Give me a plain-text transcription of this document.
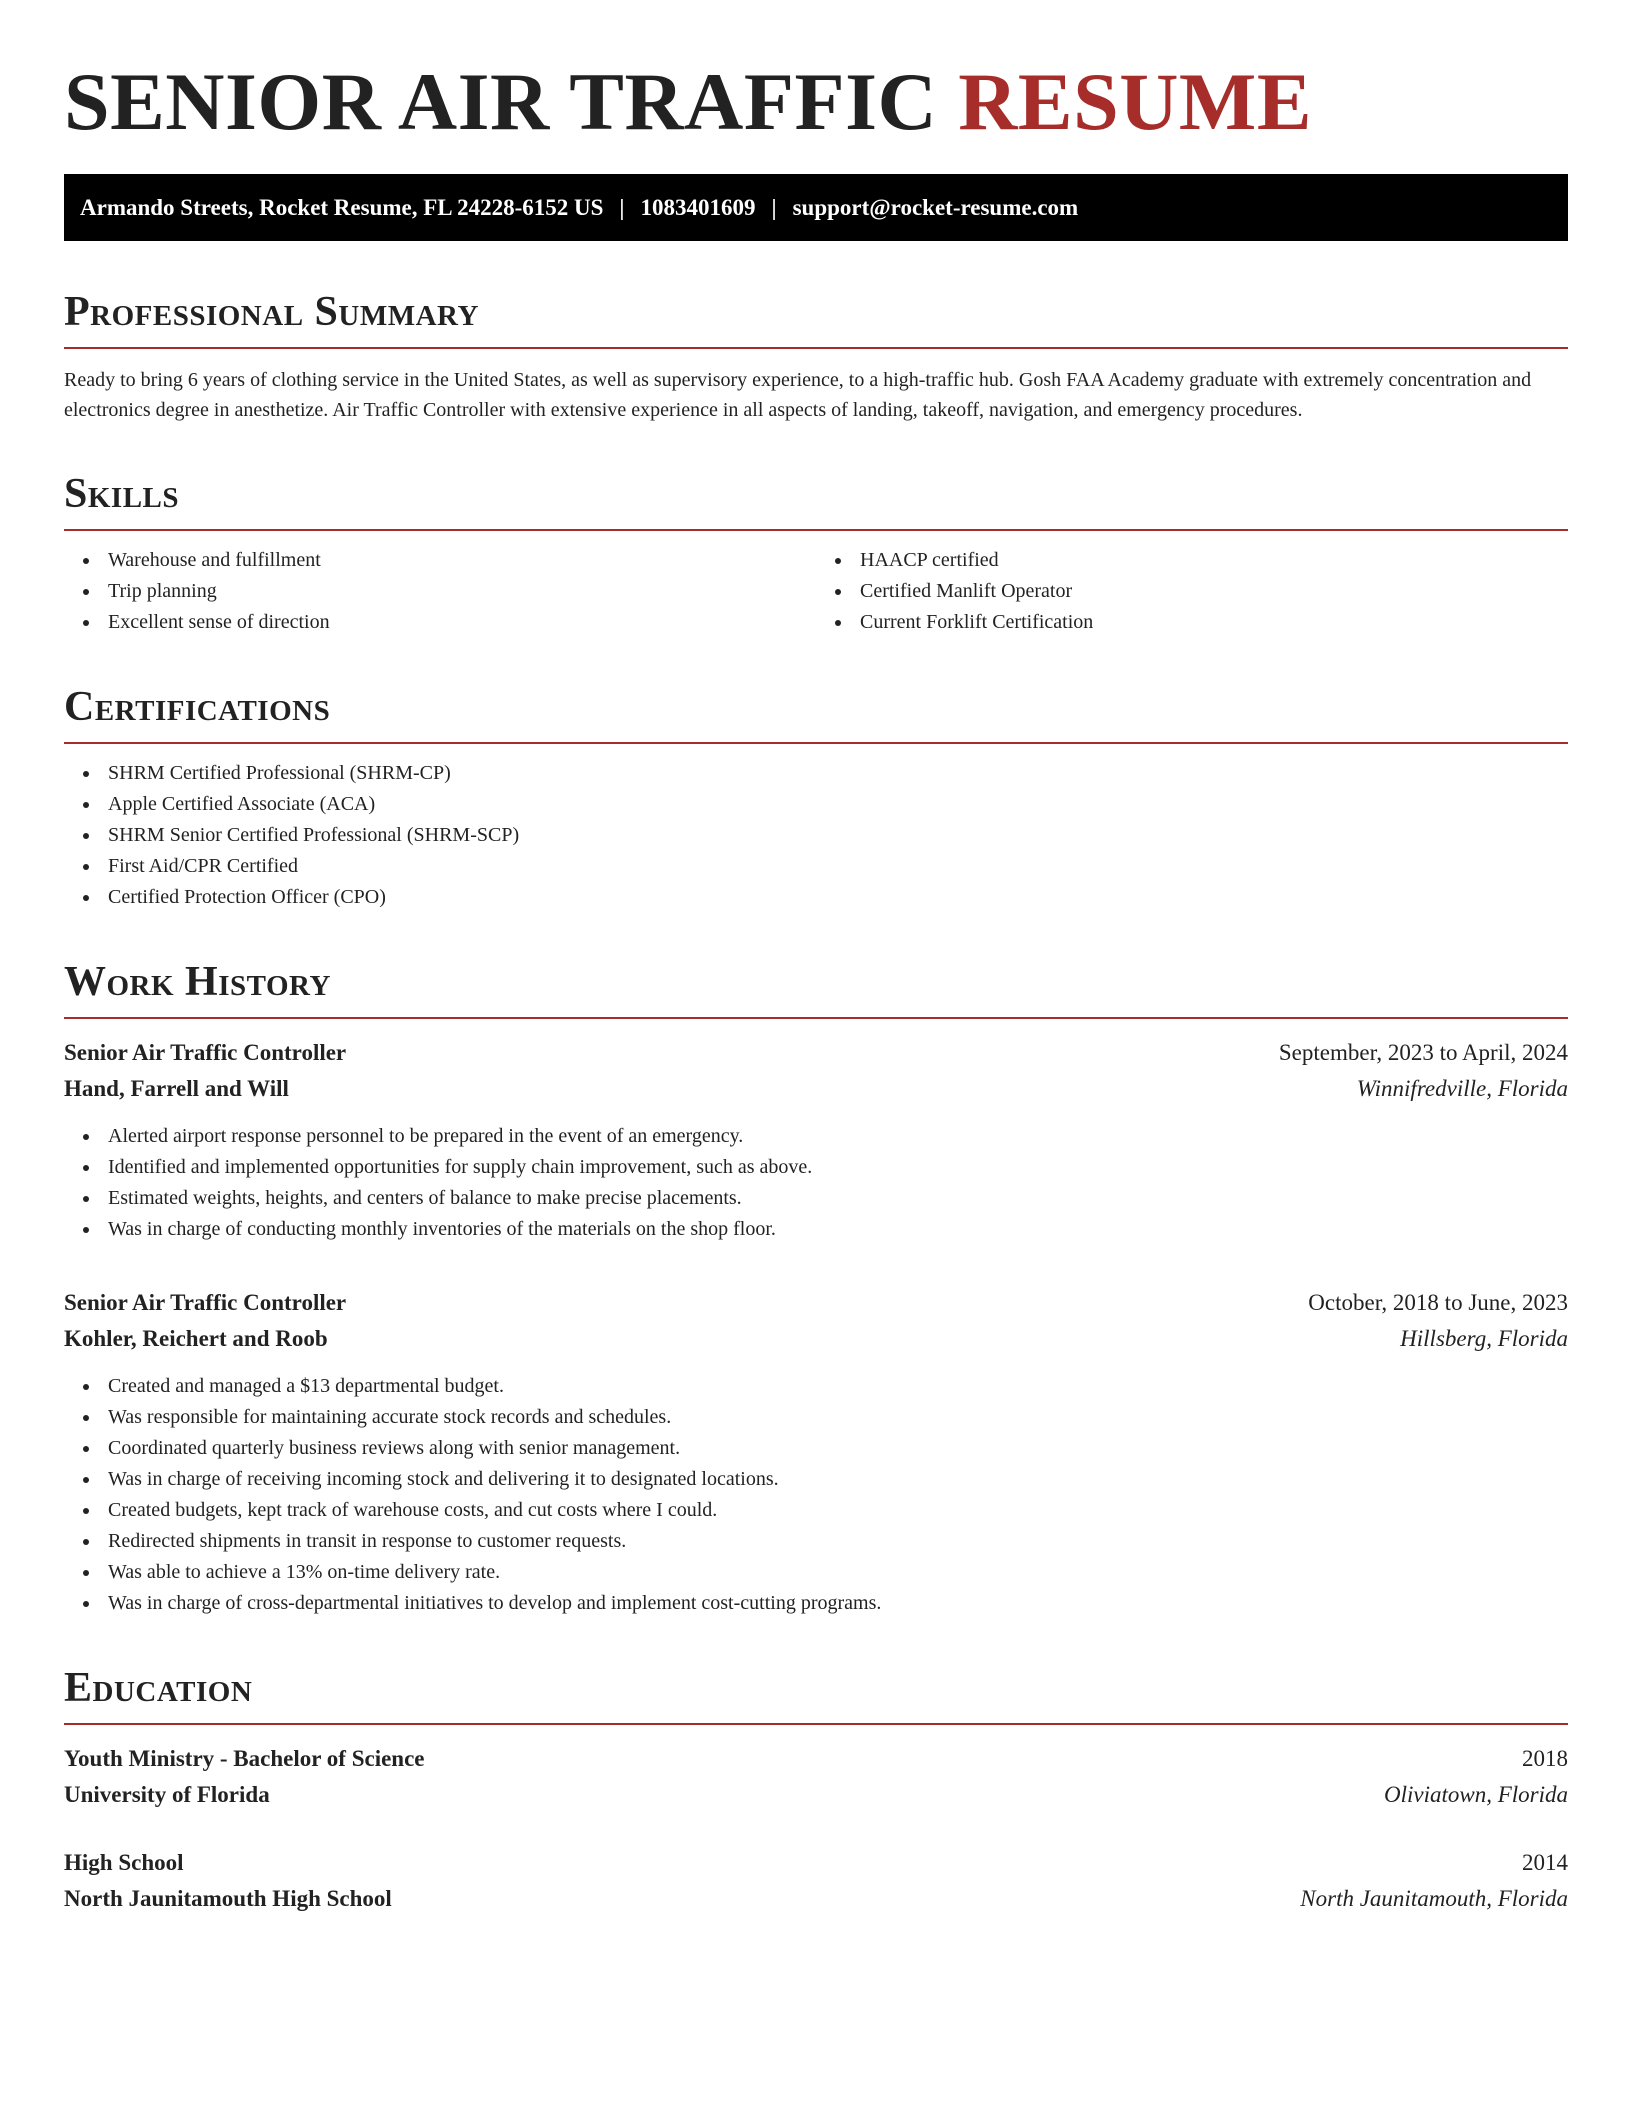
SENIOR AIR TRAFFIC RESUME
Armando Streets, Rocket Resume, FL 24228-6152 US | 1083401609 | support@rocket-resume.com
Professional Summary

Ready to bring 6 years of clothing service in the United States, as well as supervisory experience, to a high-traffic hub. Gosh FAA Academy graduate with extremely concentration and electronics degree in anesthetize. Air Traffic Controller with extensive experience in all aspects of landing, takeoff, navigation, and emergency procedures.

Skills
Warehouse and fulfillment
Trip planning
Excellent sense of direction
HAACP certified
Certified Manlift Operator
Current Forklift Certification
Certifications
SHRM Certified Professional (SHRM-CP)
Apple Certified Associate (ACA)
SHRM Senior Certified Professional (SHRM-SCP)
First Aid/CPR Certified
Certified Protection Officer (CPO)
Work History
Senior Air Traffic Controller	September, 2023 to April, 2024
Hand, Farrell and Will	Winnifredville, Florida
Alerted airport response personnel to be prepared in the event of an emergency.
Identified and implemented opportunities for supply chain improvement, such as above.
Estimated weights, heights, and centers of balance to make precise placements.
Was in charge of conducting monthly inventories of the materials on the shop floor.
Senior Air Traffic Controller	October, 2018 to June, 2023
Kohler, Reichert and Roob	Hillsberg, Florida
Created and managed a $13 departmental budget.
Was responsible for maintaining accurate stock records and schedules.
Coordinated quarterly business reviews along with senior management.
Was in charge of receiving incoming stock and delivering it to designated locations.
Created budgets, kept track of warehouse costs, and cut costs where I could.
Redirected shipments in transit in response to customer requests.
Was able to achieve a 13% on-time delivery rate.
Was in charge of cross-departmental initiatives to develop and implement cost-cutting programs.
Education
Youth Ministry - Bachelor of Science	2018
University of Florida	Oliviatown, Florida
High School	2014
North Jaunitamouth High School	North Jaunitamouth, Florida
